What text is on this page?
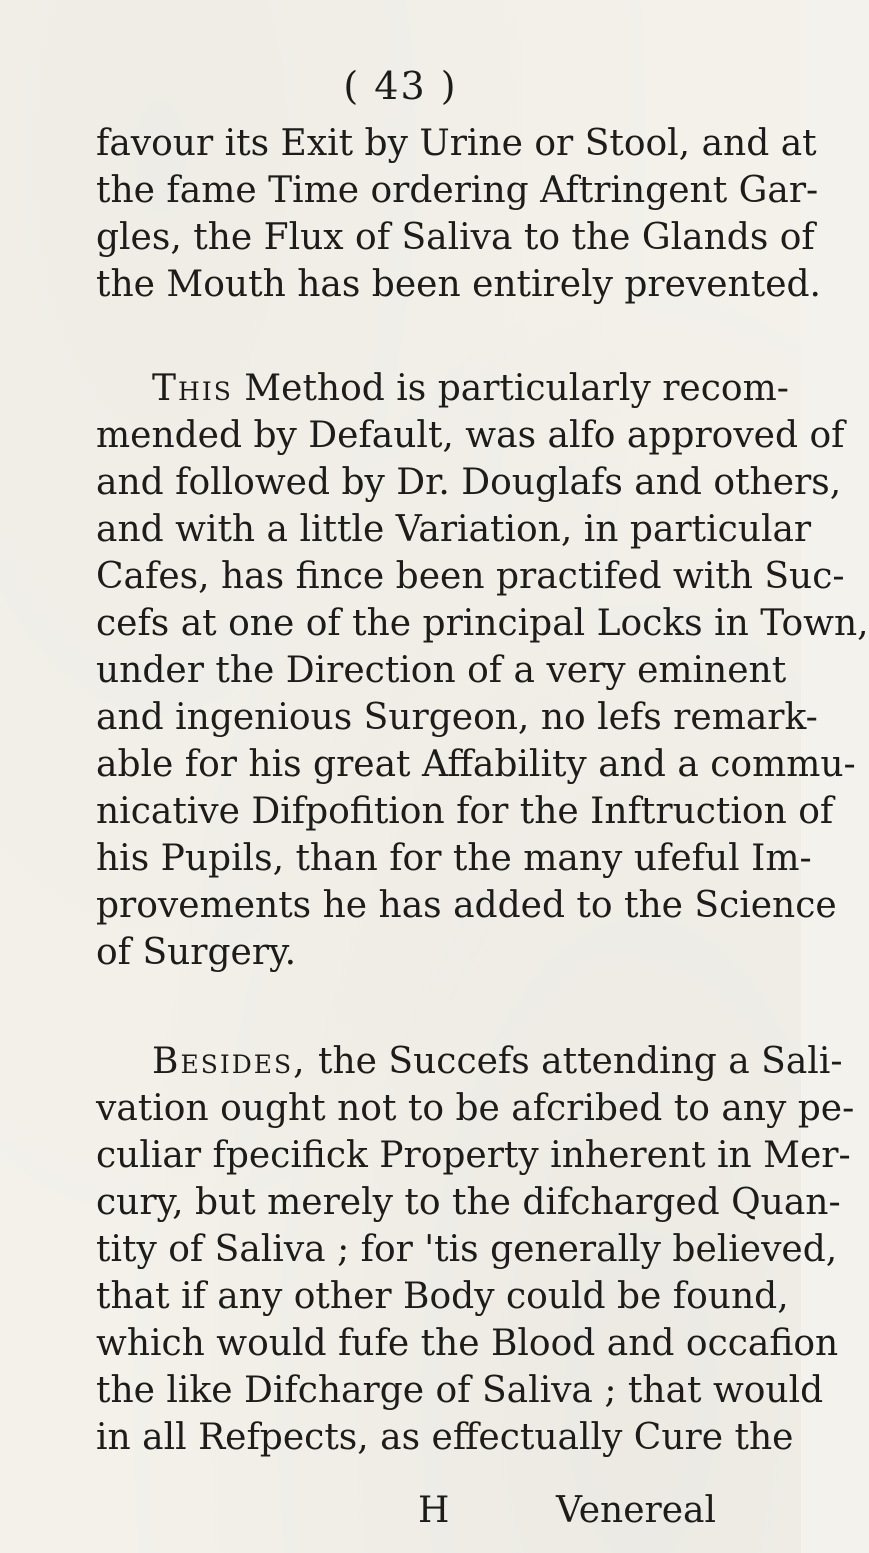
( 43 )
favour its Exit by Urine or Stool, and at
the fame Time ordering Aftringent Gar-
gles, the Flux of Saliva to the Glands of
the Mouth has been entirely prevented.
This Method is particularly recom-
mended by Default, was alfo approved of
and followed by Dr. Douglafs and others,
and with a little Variation, in particular
Cafes, has fince been practifed with Suc-
cefs at one of the principal Locks in Town,
under the Direction of a very eminent
and ingenious Surgeon, no lefs remark-
able for his great Affability and a commu-
nicative Difpofition for the Inftruction of
his Pupils, than for the many ufeful Im-
provements he has added to the Science
of Surgery.
Besides, the Succefs attending a Sali-
vation ought not to be afcribed to any pe-
culiar fpecifick Property inherent in Mer-
cury, but merely to the difcharged Quan-
tity of Saliva ; for 'tis generally believed,
that if any other Body could be found,
which would fufe the Blood and occafion
the like Difcharge of Saliva ; that would
in all Refpects, as effectually Cure the
H	Venereal
